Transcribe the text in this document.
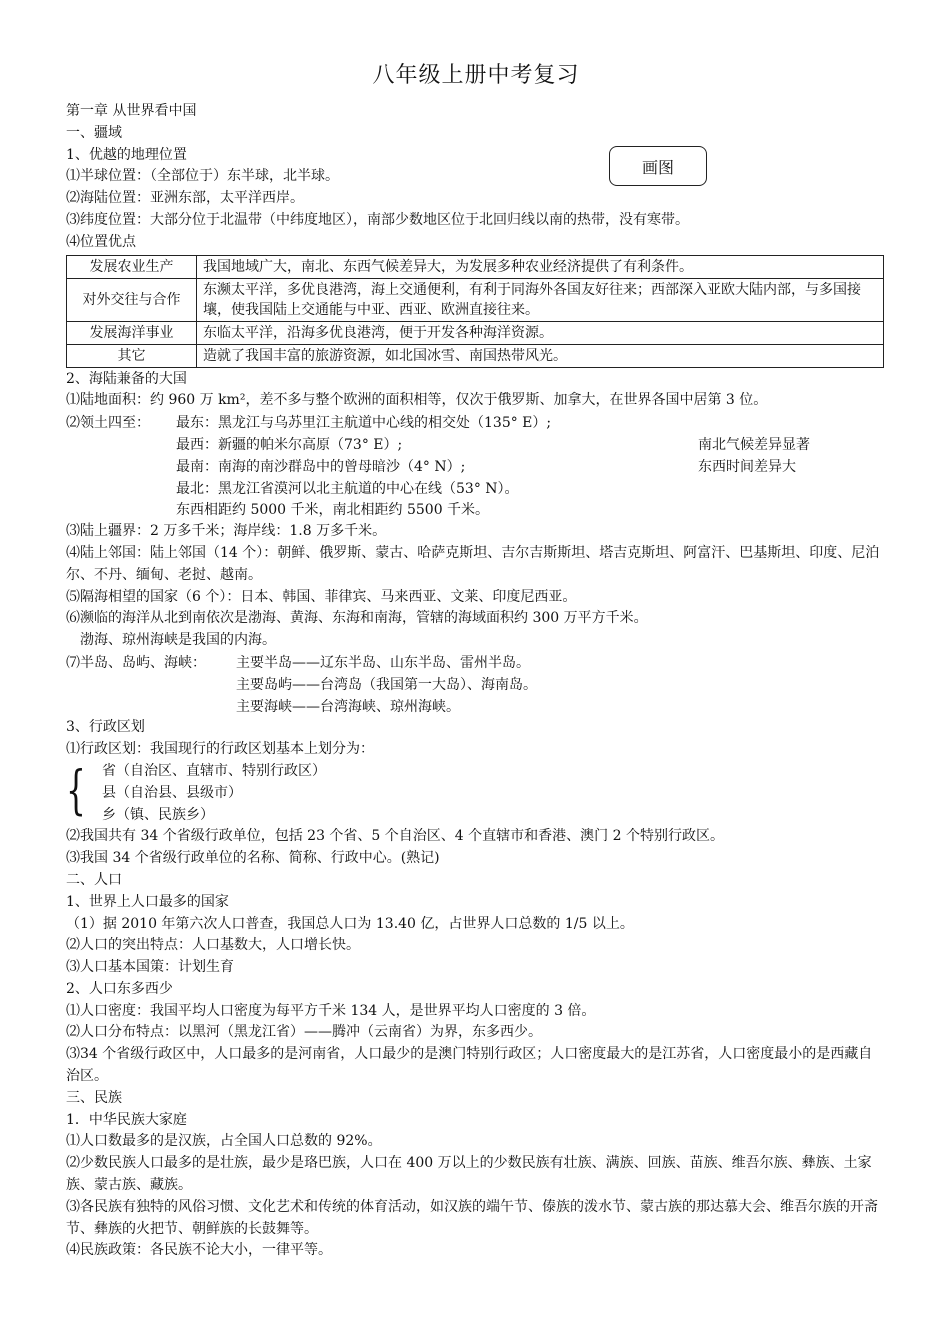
画图
八年级上册中考复习
第一章 从世界看中国
一、疆域
1、优越的地理位置
⑴半球位置：（全部位于）东半球，北半球。
⑵海陆位置：亚洲东部，太平洋西岸。
⑶纬度位置：大部分位于北温带（中纬度地区），南部少数地区位于北回归线以南的热带，没有寒带。
⑷位置优点
发展农业生产	我国地域广大，南北、东西气候差异大，为发展多种农业经济提供了有利条件。
对外交往与合作	东濒太平洋，多优良港湾，海上交通便利，有利于同海外各国友好往来；西部深入亚欧大陆内部，与多国接壤，使我国陆上交通能与中亚、西亚、欧洲直接往来。
发展海洋事业	东临太平洋，沿海多优良港湾，便于开发各种海洋资源。
其它	造就了我国丰富的旅游资源，如北国冰雪、南国热带风光。
2、海陆兼备的大国
⑴陆地面积：约 960 万 km²，差不多与整个欧洲的面积相等，仅次于俄罗斯、加拿大，在世界各国中居第 3 位。
⑵领土四至： 最东：黑龙江与乌苏里江主航道中心线的相交处（135° E）;
最西：新疆的帕米尔高原（73° E）;	南北气候差异显著
最南：南海的南沙群岛中的曾母暗沙（4° N）;	东西时间差异大
最北：黑龙江省漠河以北主航道的中心在线（53° N）。
东西相距约 5000 千米，南北相距约 5500 千米。
⑶陆上疆界：2 万多千米；海岸线：1.8 万多千米。
⑷陆上邻国：陆上邻国（14 个）：朝鲜、俄罗斯、蒙古、哈萨克斯坦、吉尔吉斯斯坦、塔吉克斯坦、阿富汗、巴基斯坦、印度、尼泊尔、不丹、缅甸、老挝、越南。
⑸隔海相望的国家（6 个）：日本、韩国、菲律宾、马来西亚、文莱、印度尼西亚。
⑹濒临的海洋从北到南依次是渤海、黄海、东海和南海，管辖的海域面积约 300 万平方千米。
渤海、琼州海峡是我国的内海。
⑺半岛、岛屿、海峡： 主要半岛——辽东半岛、山东半岛、雷州半岛。
主要岛屿——台湾岛（我国第一大岛）、海南岛。
主要海峡——台湾海峡、琼州海峡。
3、行政区划
⑴行政区划：我国现行的行政区划基本上划分为：
{	省（自治区、直辖市、特别行政区）
县（自治县、县级市）
乡（镇、民族乡）
⑵我国共有 34 个省级行政单位，包括 23 个省、5 个自治区、4 个直辖市和香港、澳门 2 个特别行政区。
⑶我国 34 个省级行政单位的名称、简称、行政中心。(熟记)
二、人口
1、世界上人口最多的国家
（1）据 2010 年第六次人口普查，我国总人口为 13.40 亿，占世界人口总数的 1/5 以上。
⑵人口的突出特点：人口基数大，人口增长快。
⑶人口基本国策：计划生育
2、人口东多西少
⑴人口密度：我国平均人口密度为每平方千米 134 人，是世界平均人口密度的 3 倍。
⑵人口分布特点：以黑河（黑龙江省）——腾冲（云南省）为界，东多西少。
⑶34 个省级行政区中，人口最多的是河南省，人口最少的是澳门特别行政区；人口密度最大的是江苏省，人口密度最小的是西藏自治区。
三、民族
1．中华民族大家庭
⑴人口数最多的是汉族，占全国人口总数的 92%。
⑵少数民族人口最多的是壮族，最少是珞巴族，人口在 400 万以上的少数民族有壮族、满族、回族、苗族、维吾尔族、彝族、土家族、蒙古族、藏族。
⑶各民族有独特的风俗习惯、文化艺术和传统的体育活动，如汉族的端午节、傣族的泼水节、蒙古族的那达慕大会、维吾尔族的开斋节、彝族的火把节、朝鲜族的长鼓舞等。
⑷民族政策：各民族不论大小，一律平等。
